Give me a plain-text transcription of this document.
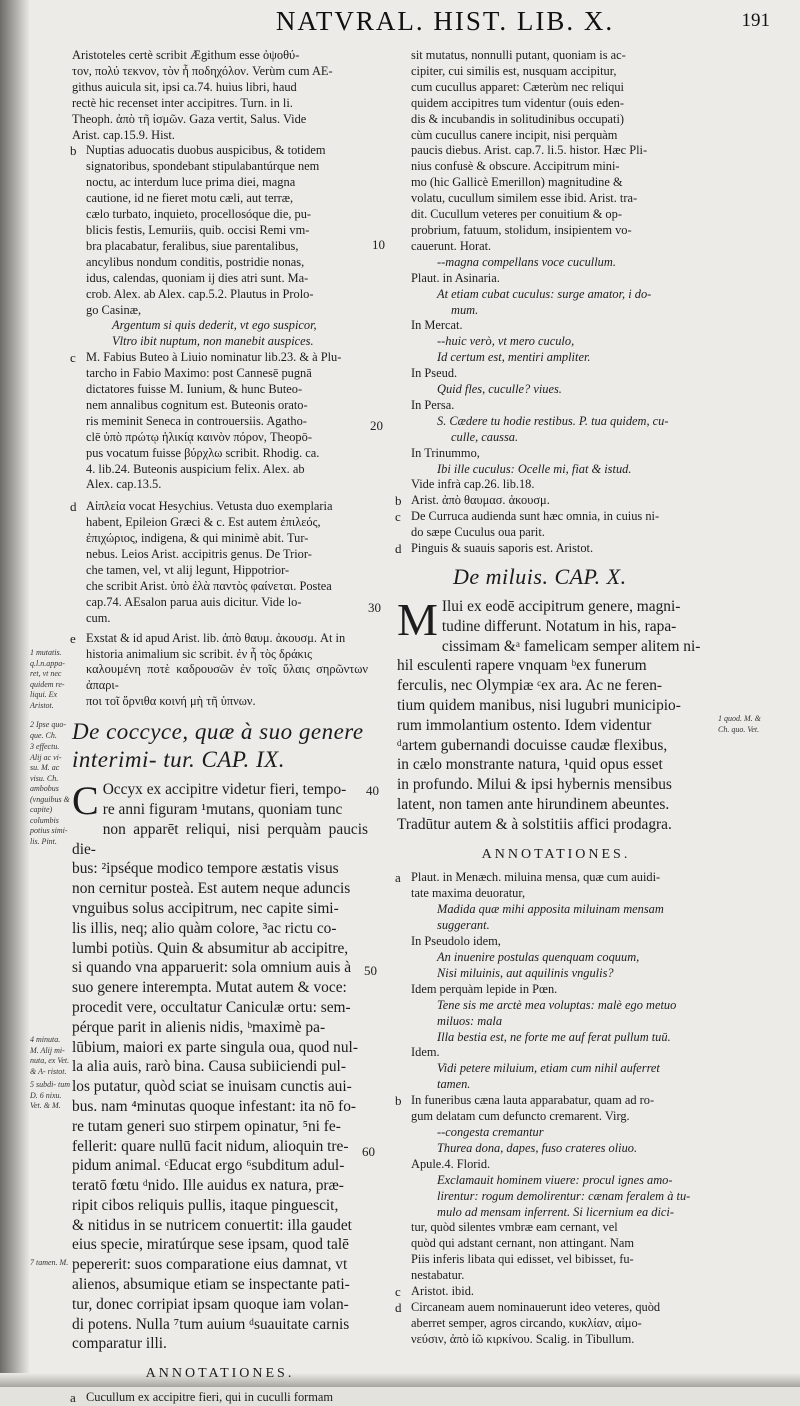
NATVRAL. HIST. LIB. X.	191
10
20
30
40
50
60
1 mutatis. q.l.n.appa- ret, vt nec quidem re- liqui. Ex Aristot.
2 Ipse quo- que. Ch.
3 effectu. Alij ac vi- su. M. ac visu. Ch. ambobus (vnguibus & capite) columbis potius simi- lis. Pint.
4 minuta. M. Alij mi- nuta, ex Vet. & A- ristot.
5 subdi- tum D. 6 nixu. Vet. & M.
7 tamen. M.
1 quod. M. & Ch. quo. Vet.
Aristoteles certè scribit Ægithum esse ὀψοθύ-
τον, πολύ τεκνον, τὸν ἦ ποδηχόλον. Verùm cum AE-
githus auicula sit, ipsi ca.74. huius libri, haud
rectè hic recenset inter accipitres. Turn. in li.
Theoph. ἀπὸ τῆ ἰσμῶν. Gaza vertit, Salus. Vide
Arist. cap.15.9. Hist.
b Nuptias aduocatis duobus auspicibus, & totidem
signatoribus, spondebant stipulabantúrque nem
noctu, ac interdum luce prima diei, magna
cautione, id ne fieret motu cæli, aut terræ,
cælo turbato, inquieto, procellosóque die, pu-
blicis festis, Lemuriis, quib. occisi Remi vm-
bra placabatur, feralibus, siue parentalibus,
ancylibus nondum conditis, postridie nonas,
idus, calendas, quoniam ij dies atri sunt. Ma-
crob. Alex. ab Alex. cap.5.2. Plautus in Prolo-
go Casinæ,
Argentum si quis dederit, vt ego suspicor,
Vltro ibit nuptum, non manebit auspices.
c M. Fabius Buteo à Liuio nominatur lib.23. & à Plu-
tarcho in Fabio Maximo: post Cannesē pugnā
dictatores fuisse M. Iunium, & hunc Buteo-
nem annalibus cognitum est. Buteonis orato-
ris meminit Seneca in controuersiis. Agatho-
clē ὑπὸ πρώτῳ ἡλικίᾳ καινὸν πόρον, Theopō-
pus vocatum fuisse βύρχλω scribit. Rhodig. ca.
4. lib.24. Buteonis auspicium felix. Alex. ab
Alex. cap.13.5.
d Αἰπλεία vocat Hesychius. Vetusta duo exemplaria
habent, Epileion Græci & c. Est autem ἐπιλεός,
ἐπιχώριος, indigena, & qui minimè abit. Tur-
nebus. Leios Arist. accipitris genus. De Trior-
che tamen, vel, vt alij legunt, Hippotrior-
che scribit Arist. ὑπὸ ἐλὰ παντὸς φαίνεται. Postea
cap.74. AEsalon parua auis dicitur. Vide lo-
cum.
e Exstat & id apud Arist. lib. ἀπὸ θαυμ. ἀκουσμ. At in
historia animalium sic scribit. ἐν ἦ τὸς δράκις
καλουμένη ποτὲ καδρουσῶν ἐν τοῖς ὕλαις σηρῶντων ἀπαρι-
ποι τοῖ ὄρνιθα κοινή μὴ τῆ ὑπνων.
De coccyce, quæ à suo genere interimi- tur. CAP. IX.
C Occyx ex accipitre videtur fieri, tempo-
re anni figuram ¹mutans, quoniam tunc
non apparēt reliqui, nisi perquàm paucis die-
bus: ²ipséque modico tempore æstatis visus
non cernitur posteà. Est autem neque aduncis
vnguibus solus accipitrum, nec capite simi-
lis illis, neq; alio quàm colore, ³ac rictu co-
lumbi potiùs. Quin & absumitur ab accipitre,
si quando vna apparuerit: sola omnium auis à
suo genere interempta. Mutat autem & voce:
procedit vere, occultatur Caniculæ ortu: sem-
pérque parit in alienis nidis, ᵇmaximè pa-
lūbium, maiori ex parte singula oua, quod nul-
la alia auis, rarò bina. Causa subiiciendi pul-
los putatur, quòd sciat se inuisam cunctis aui-
bus. nam ⁴minutas quoque infestant: ita nō fo-
re tutam generi suo stirpem opinatur, ⁵ni fe-
fellerit: quare nullū facit nidum, alioquin tre-
pidum animal. ᶜEducat ergo ⁶subditum adul-
teratō fœtu ᵈnido. Ille auidus ex natura, præ-
ripit cibos reliquis pullis, itaque pinguescit,
& nitidus in se nutricem conuertit: illa gaudet
eius specie, miratúrque sese ipsam, quod talē
pepererit: suos comparatione eius damnat, vt
alienos, absumique etiam se inspectante pati-
tur, donec corripiat ipsam quoque iam volan-
di potens. Nulla ⁷tum auium ᵈsuauitate carnis
comparatur illi.
ANNOTATIONES.
a Cucullum ex accipitre fieri, qui in cuculli formam
sit mutatus, nonnulli putant, quoniam is ac-
cipiter, cui similis est, nusquam accipitur,
cum cucullus apparet: Cæterùm nec reliqui
quidem accipitres tum videntur (ouis eden-
dis & incubandis in solitudinibus occupati)
cùm cucullus canere incipit, nisi perquàm
paucis diebus. Arist. cap.7. li.5. histor. Hæc Pli-
nius confusè & obscure. Accipitrum mini-
mo (hic Gallicè Emerillon) magnitudine &
volatu, cucullum similem esse ibid. Arist. tra-
dit. Cucullum veteres per conuitium & op-
probrium, fatuum, stolidum, insipientem vo-
cauerunt. Horat.
--magna compellans voce cucullum.
Plaut. in Asinaria.
At etiam cubat cuculus: surge amator, i do-
mum.
In Mercat.
--huic verò, vt mero cuculo,
Id certum est, mentiri ampliter.
In Pseud.
Quid fles, cuculle? viues.
In Persa.
S. Cædere tu hodie restibus. P. tua quidem, cu-
culle, caussa.
In Trinummo,
Ibi ille cuculus: Ocelle mi, fiat & istud.
Vide infrà cap.26. lib.18.
b Arist. ἀπὸ θαυμασ. ἀκουσμ.
c De Curruca audienda sunt hæc omnia, in cuius ni-
do sæpe Cuculus oua parit.
d Pinguis & suauis saporis est. Aristot.
De miluis. CAP. X.
M Ilui ex eodē accipitrum genere, magni-
tudine differunt. Notatum in his, rapa-
cissimam &ᵃ famelicam semper alitem ni-
hil esculenti rapere vnquam ᵇex funerum
ferculis, nec Olympiæ ᶜex ara. Ac ne feren-
tium quidem manibus, nisi lugubri municipio-
rum immolantium ostento. Idem videntur
ᵈartem gubernandi docuisse caudæ flexibus,
in cælo monstrante natura, ¹quid opus esset
in profundo. Milui & ipsi hybernis mensibus
latent, non tamen ante hirundinem abeuntes.
Tradūtur autem & à solstitiis affici prodagra.
ANNOTATIONES.
a Plaut. in Menæch. miluina mensa, quæ cum auidi-
tate maxima deuoratur,
Madida quæ mihi apposita miluinam mensam
suggerant.
In Pseudolo idem,
An inuenire postulas quenquam coquum,
Nisi miluinis, aut aquilinis vngulis?
Idem perquàm lepide in Pœn.
Tene sis me arctè mea voluptas: malè ego metuo
miluos: mala
Illa bestia est, ne forte me auf ferat pullum tuū.
Idem.
Vidi petere miluium, etiam cum nihil auferret
tamen.
b In funeribus cæna lauta apparabatur, quam ad ro-
gum delatam cum defuncto cremarent. Virg.
--congesta cremantur
Thurea dona, dapes, fuso crateres oliuo.
Apule.4. Florid.
Exclamauit hominem viuere: procul ignes amo-
lirentur: rogum demolirentur: cænam feralem à tu-
mulo ad mensam inferrent. Si licernium ea dici-
tur, quòd silentes vmbræ eam cernant, vel
quòd qui adstant cernant, non attingant. Nam
Piis inferis libata qui edisset, vel bibisset, fu-
nestabatur.
c Aristot. ibid.
d Circaneam auem nominauerunt ideo veteres, quòd
aberret semper, agros circando, κυκλίαν, αἱμο-
νεύσιν, ἀπὸ ἰῶ κιρκίνου. Scalig. in Tibullum.
